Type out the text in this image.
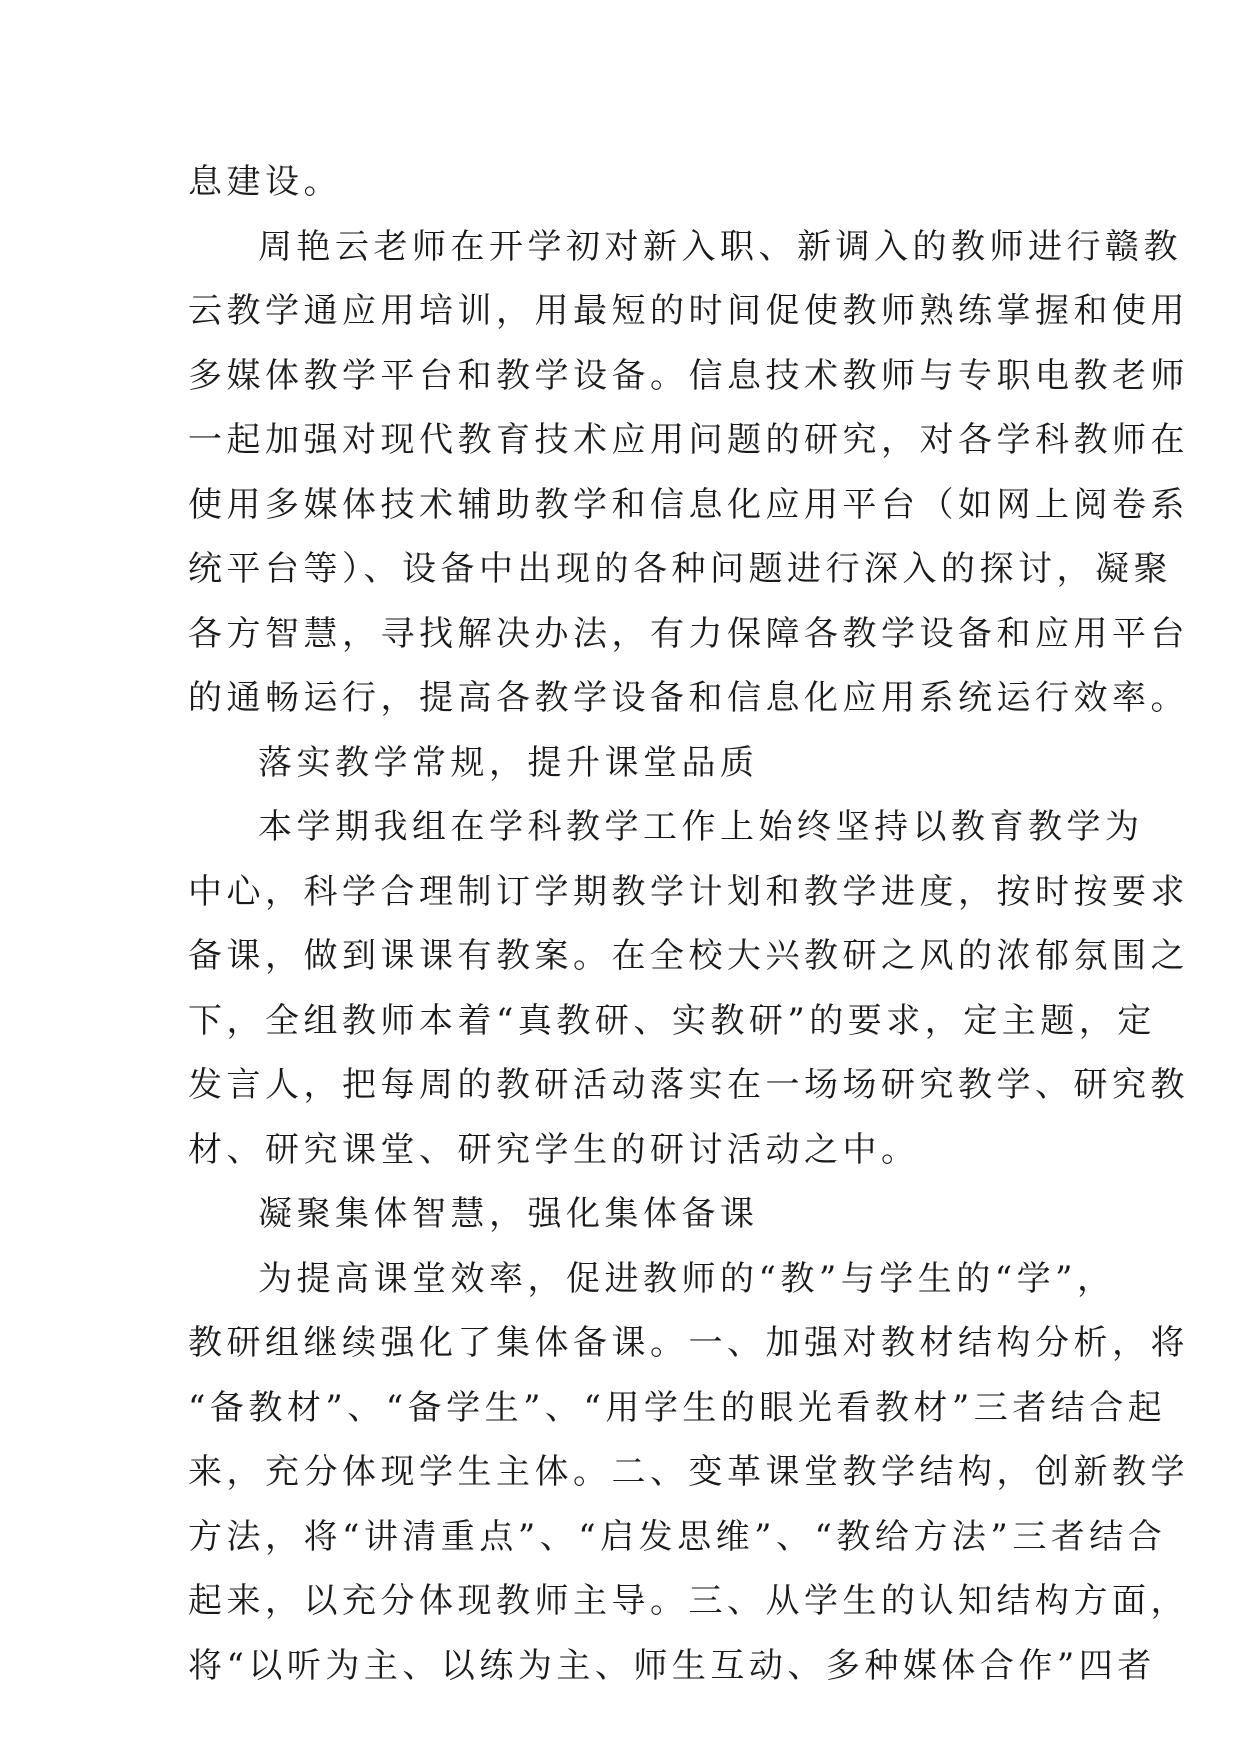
息建设。
周艳云老师在开学初对新入职、新调入的教师进行赣教
云教学通应用培训，用最短的时间促使教师熟练掌握和使用
多媒体教学平台和教学设备。信息技术教师与专职电教老师
一起加强对现代教育技术应用问题的研究，对各学科教师在
使用多媒体技术辅助教学和信息化应用平台（如网上阅卷系
统平台等）、设备中出现的各种问题进行深入的探讨，凝聚
各方智慧，寻找解决办法，有力保障各教学设备和应用平台
的通畅运行，提高各教学设备和信息化应用系统运行效率。
落实教学常规，提升课堂品质
本学期我组在学科教学工作上始终坚持以教育教学为
中心，科学合理制订学期教学计划和教学进度，按时按要求
备课，做到课课有教案。在全校大兴教研之风的浓郁氛围之
下，全组教师本着“真教研、实教研”的要求，定主题，定
发言人，把每周的教研活动落实在一场场研究教学、研究教
材、研究课堂、研究学生的研讨活动之中。
凝聚集体智慧，强化集体备课
为提高课堂效率，促进教师的“教”与学生的“学”，
教研组继续强化了集体备课。一、加强对教材结构分析，将
“备教材”、“备学生”、“用学生的眼光看教材”三者结合起
来，充分体现学生主体。二、变革课堂教学结构，创新教学
方法，将“讲清重点”、“启发思维”、“教给方法”三者结合
起来，以充分体现教师主导。三、从学生的认知结构方面，
将“以听为主、以练为主、师生互动、多种媒体合作”四者
